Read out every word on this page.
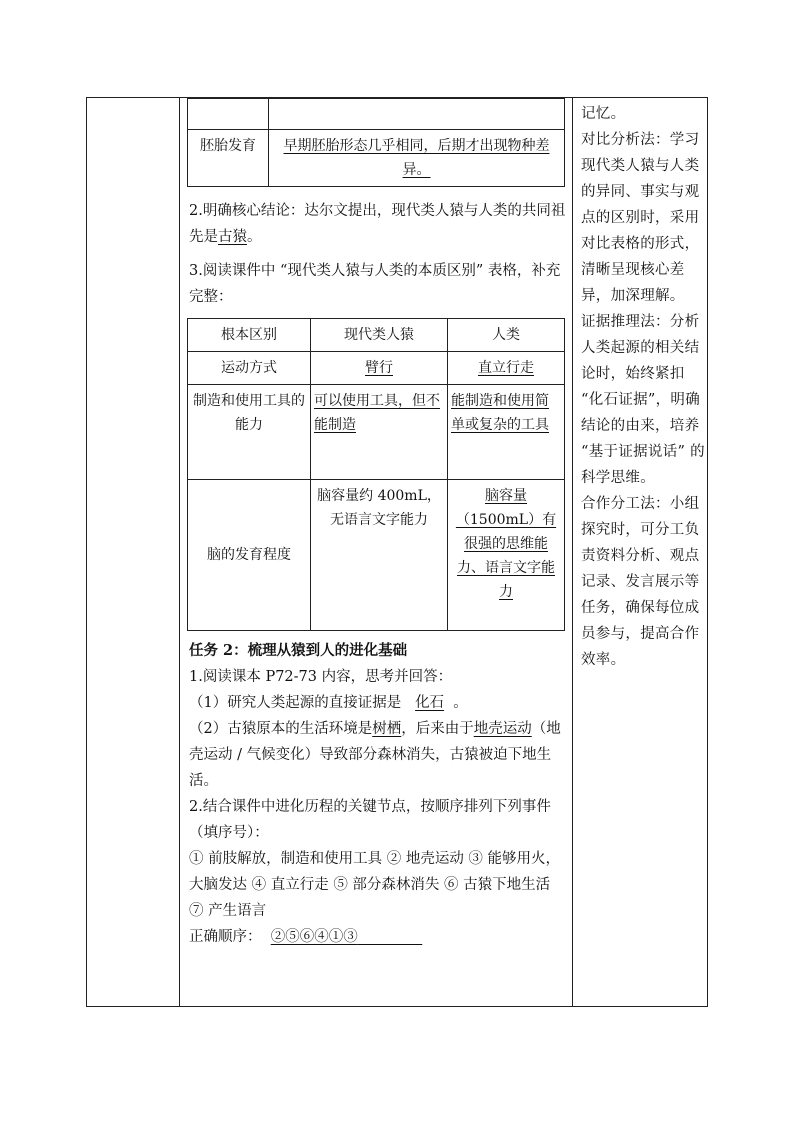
胚胎发育	早期胚胎形态几乎相同，后期才出现物种差异。

2.明确核心结论：达尔文提出，现代类人猿与人类的共同祖先是古猿。

3.阅读课件中 “现代类人猿与人类的本质区别” 表格，补充完整：

根本区别	现代类人猿	人类
运动方式	臂行	直立行走
制造和使用工具的能力	可以使用工具，但不能制造	能制造和使用简单或复杂的工具
脑的发育程度	脑容量约 400mL，无语言文字能力	脑容量（1500mL）有很强的思维能力、语言文字能力

任务 2：梳理从猿到人的进化基础

1.阅读课本 P72-73 内容，思考并回答：

（1）研究人类起源的直接证据是 化石 。

（2）古猿原本的生活环境是树栖，后来由于地壳运动（地壳运动 / 气候变化）导致部分森林消失，古猿被迫下地生活。

2.结合课件中进化历程的关键节点，按顺序排列下列事件（填序号）：

① 前肢解放，制造和使用工具 ② 地壳运动 ③ 能够用火，大脑发达 ④ 直立行走 ⑤ 部分森林消失 ⑥ 古猿下地生活 ⑦ 产生语言

正确顺序： ②⑤⑥④①③

记忆。

对比分析法：学习现代类人猿与人类的异同、事实与观点的区别时，采用对比表格的形式，清晰呈现核心差异，加深理解。

证据推理法：分析人类起源的相关结论时，始终紧扣 “化石证据”，明确结论的由来，培养 “基于证据说话” 的科学思维。

合作分工法：小组探究时，可分工负责资料分析、观点记录、发言展示等任务，确保每位成员参与，提高合作效率。
